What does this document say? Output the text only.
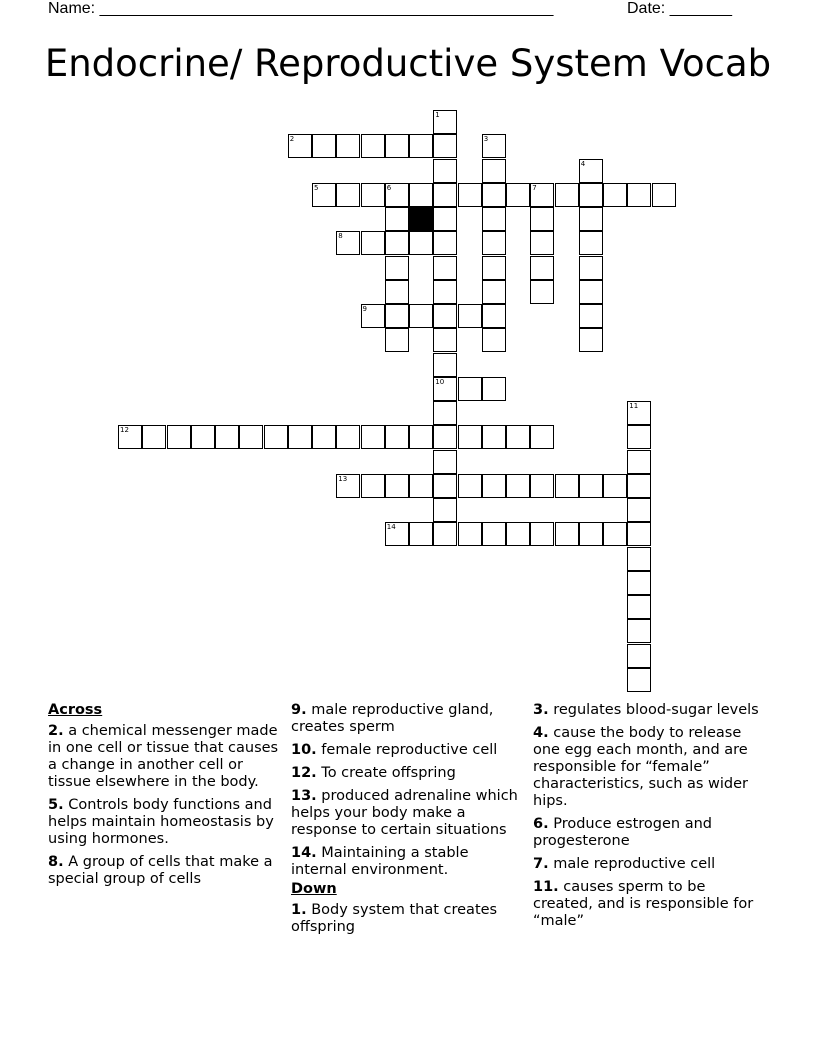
Name: ___________________________________________________	Date: _______
Endocrine/ Reproductive System Vocab
1
10
2	3
4
5	6	7
8
9
11
12
13
14
Across
2. a chemical messenger made in one cell or tissue that causes a change in another cell or tissue elsewhere in the body.
5. Controls body functions and helps maintain homeostasis by using hormones.
8. A group of cells that make a special group of cells
9. male reproductive gland, creates sperm
10. female reproductive cell
12. To create offspring
13. produced adrenaline which helps your body make a response to certain situations
14. Maintaining a stable internal environment.
Down
1. Body system that creates offspring
3. regulates blood-sugar levels
4. cause the body to release one egg each month, and are responsible for “female” characteristics, such as wider hips.
6. Produce estrogen and progesterone
7. male reproductive cell
11. causes sperm to be created, and is responsible for “male”
